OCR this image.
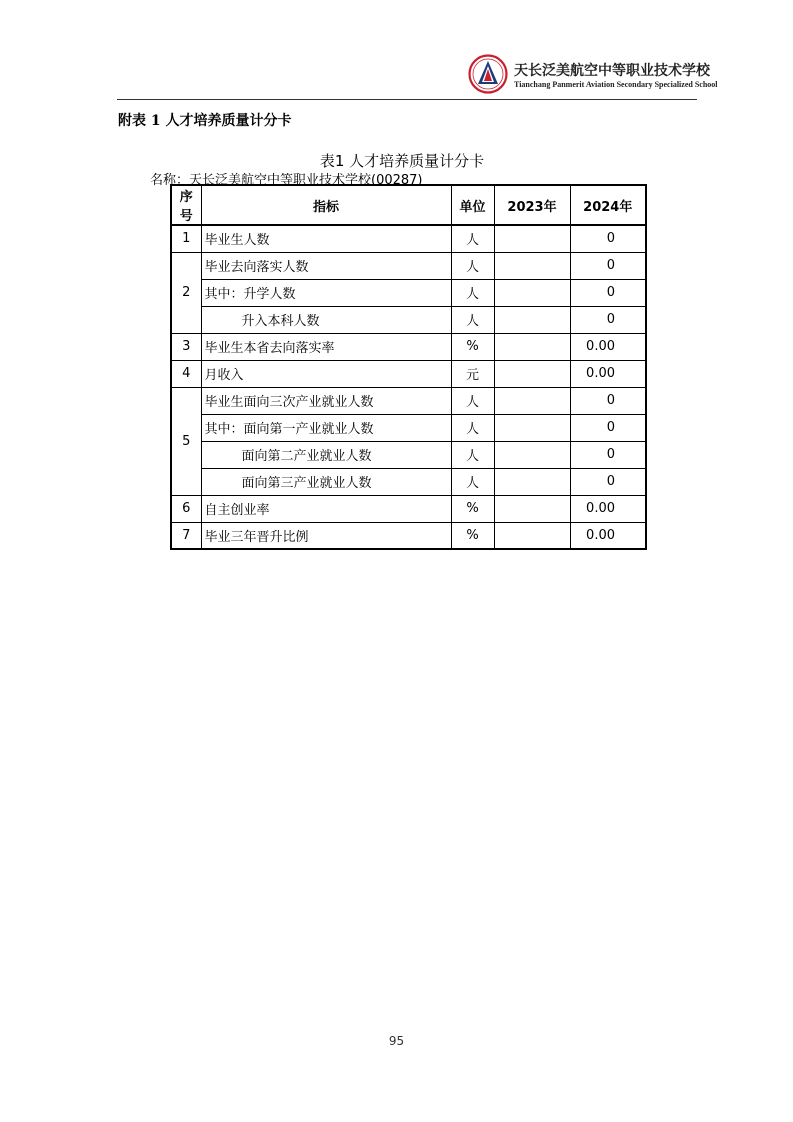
天长泛美航空中等职业技术学校
Tianchang Panmerit Aviation Secondary Specialized School
附表 1 人才培养质量计分卡
表1 人才培养质量计分卡
名称：天长泛美航空中等职业技术学校(00287)
序号	指标	单位	2023年	2024年
1	毕业生人数	人		0
2	毕业去向落实人数	人		0
	其中：升学人数	人		0
	升入本科人数	人		0
3	毕业生本省去向落实率	%		0.00
4	月收入	元		0.00
5	毕业生面向三次产业就业人数	人		0
	其中：面向第一产业就业人数	人		0
	面向第二产业就业人数	人		0
	面向第三产业就业人数	人		0
6	自主创业率	%		0.00
7	毕业三年晋升比例	%		0.00
95
